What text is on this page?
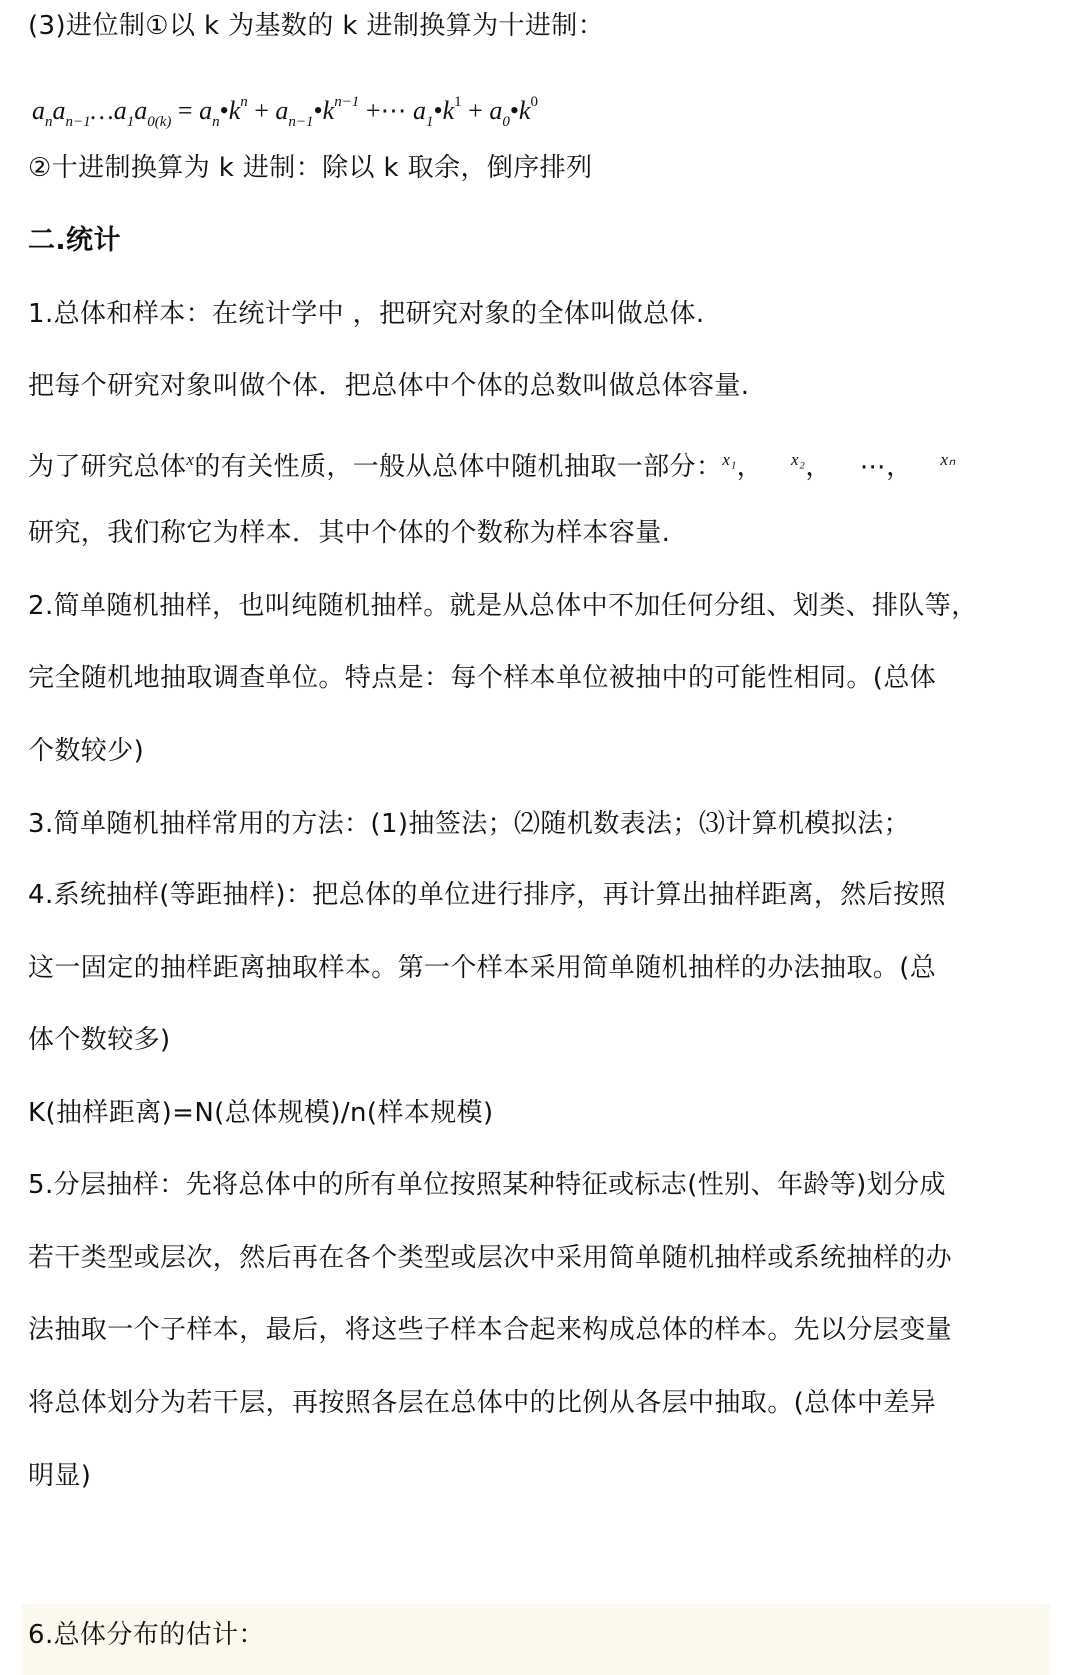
(3)进位制①以 k 为基数的 k 进制换算为十进制：
$a_na_{n-1}\dots a_1a_{0(k)}$ = $a_n•k^n$ + $a_{n-1}•k^{n-1}$ +⋯ $a_1•k^1$ + $a_0•k^0$
②十进制换算为 k 进制：除以 k 取余，倒序排列
二.统计
1.总体和样本：在统计学中 ，把研究对象的全体叫做总体.
把每个研究对象叫做个体．把总体中个体的总数叫做总体容量.
为了研究总体$^x$的有关性质，一般从总体中随机抽取一部分：$^{x_1}$， $^{x_2}$， ⋯， $^{x_n}$
研究，我们称它为样本．其中个体的个数称为样本容量.
2.简单随机抽样，也叫纯随机抽样。就是从总体中不加任何分组、划类、排队等，
完全随机地抽取调查单位。特点是：每个样本单位被抽中的可能性相同。(总体
个数较少)
3.简单随机抽样常用的方法：(1)抽签法；⑵随机数表法；⑶计算机模拟法；
4.系统抽样(等距抽样)：把总体的单位进行排序，再计算出抽样距离，然后按照
这一固定的抽样距离抽取样本。第一个样本采用简单随机抽样的办法抽取。(总
体个数较多)
K(抽样距离)=N(总体规模)/n(样本规模)
5.分层抽样：先将总体中的所有单位按照某种特征或标志(性别、年龄等)划分成
若干类型或层次，然后再在各个类型或层次中采用简单随机抽样或系统抽样的办
法抽取一个子样本，最后，将这些子样本合起来构成总体的样本。先以分层变量
将总体划分为若干层，再按照各层在总体中的比例从各层中抽取。(总体中差异
明显)
6.总体分布的估计：
